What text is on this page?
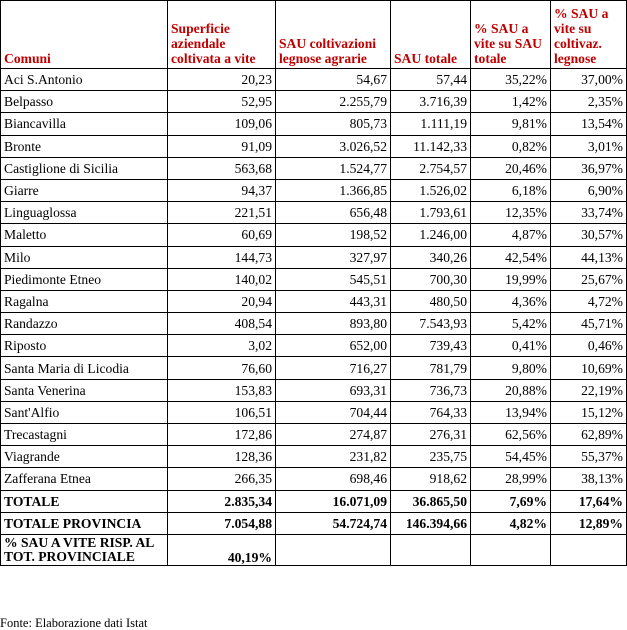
Comuni	Superficie aziendale coltivata a vite	SAU coltivazioni legnose agrarie	SAU totale	% SAU a vite su SAU totale	% SAU a vite su coltivaz. legnose
Aci S.Antonio	20,23	54,67	57,44	35,22%	37,00%
Belpasso	52,95	2.255,79	3.716,39	1,42%	2,35%
Biancavilla	109,06	805,73	1.111,19	9,81%	13,54%
Bronte	91,09	3.026,52	11.142,33	0,82%	3,01%
Castiglione di Sicilia	563,68	1.524,77	2.754,57	20,46%	36,97%
Giarre	94,37	1.366,85	1.526,02	6,18%	6,90%
Linguaglossa	221,51	656,48	1.793,61	12,35%	33,74%
Maletto	60,69	198,52	1.246,00	4,87%	30,57%
Milo	144,73	327,97	340,26	42,54%	44,13%
Piedimonte Etneo	140,02	545,51	700,30	19,99%	25,67%
Ragalna	20,94	443,31	480,50	4,36%	4,72%
Randazzo	408,54	893,80	7.543,93	5,42%	45,71%
Riposto	3,02	652,00	739,43	0,41%	0,46%
Santa Maria di Licodia	76,60	716,27	781,79	9,80%	10,69%
Santa Venerina	153,83	693,31	736,73	20,88%	22,19%
Sant'Alfio	106,51	704,44	764,33	13,94%	15,12%
Trecastagni	172,86	274,87	276,31	62,56%	62,89%
Viagrande	128,36	231,82	235,75	54,45%	55,37%
Zafferana Etnea	266,35	698,46	918,62	28,99%	38,13%
TOTALE	2.835,34	16.071,09	36.865,50	7,69%	17,64%
TOTALE PROVINCIA	7.054,88	54.724,74	146.394,66	4,82%	12,89%
% SAU A VITE RISP. AL TOT. PROVINCIALE	40,19%				
Fonte: Elaborazione dati Istat
